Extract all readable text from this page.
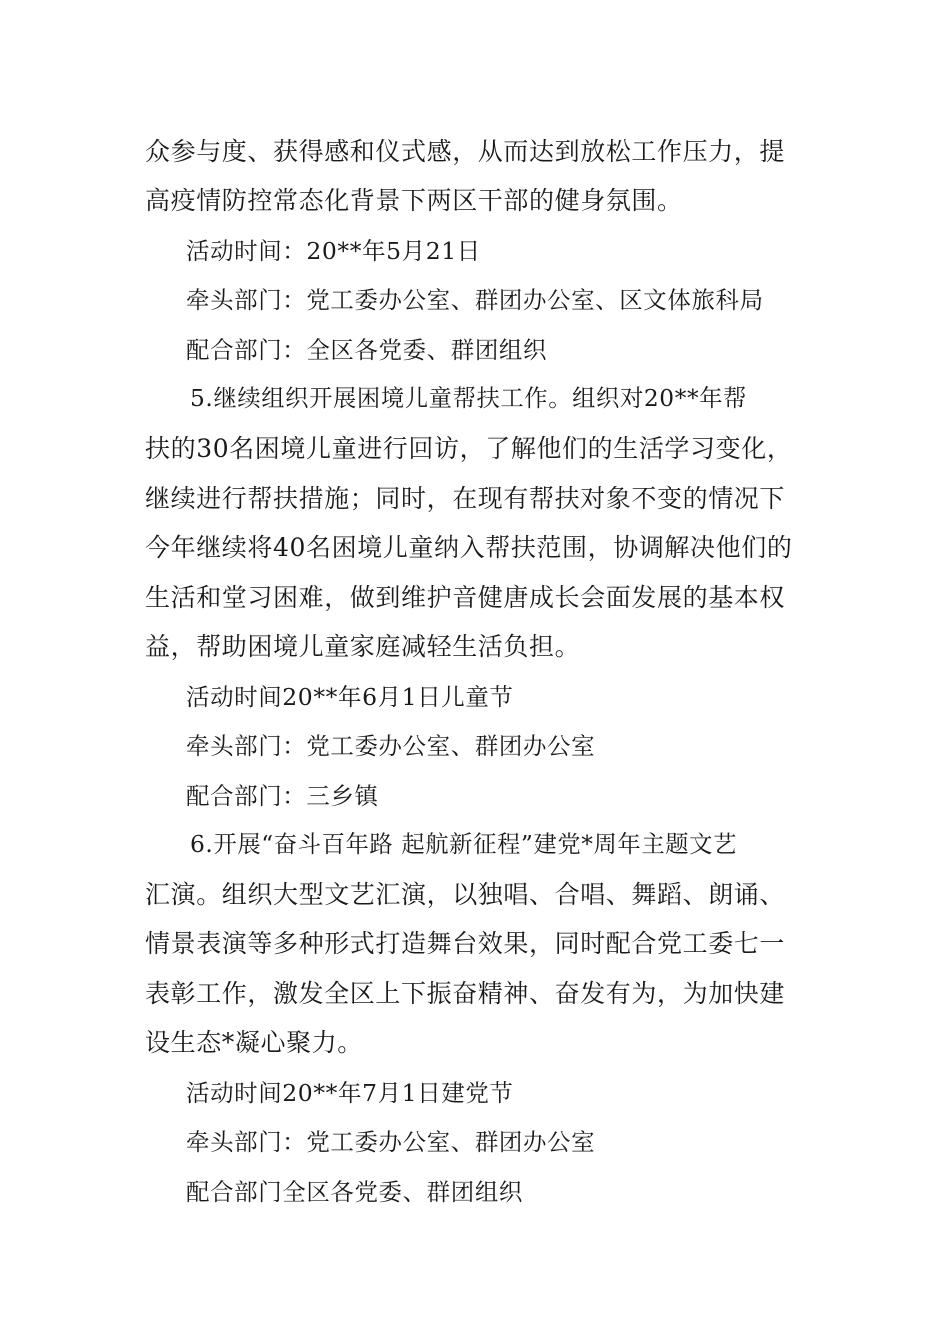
众参与度、获得感和仪式感，从而达到放松工作压力，提
高疫情防控常态化背景下两区干部的健身氛围。
活动时间：20**年5月21日
牵头部门：党工委办公室、群团办公室、区文体旅科局
配合部门：全区各党委、群团组织
5.继续组织开展困境儿童帮扶工作。组织对20**年帮
扶的30名困境儿童进行回访，了解他们的生活学习变化，
继续进行帮扶措施；同时，在现有帮扶对象不变的情况下
今年继续将40名困境儿童纳入帮扶范围，协调解决他们的
生活和堂习困难，做到维护音健唐成长会面发展的基本权
益，帮助困境儿童家庭减轻生活负担。
活动时间20**年6月1日儿童节
牵头部门：党工委办公室、群团办公室
配合部门：三乡镇
6.开展“奋斗百年路 起航新征程”建党*周年主题文艺
汇演。组织大型文艺汇演，以独唱、合唱、舞蹈、朗诵、
情景表演等多种形式打造舞台效果，同时配合党工委七一
表彰工作，激发全区上下振奋精神、奋发有为，为加快建
设生态*凝心聚力。
活动时间20**年7月1日建党节
牵头部门：党工委办公室、群团办公室
配合部门全区各党委、群团组织
